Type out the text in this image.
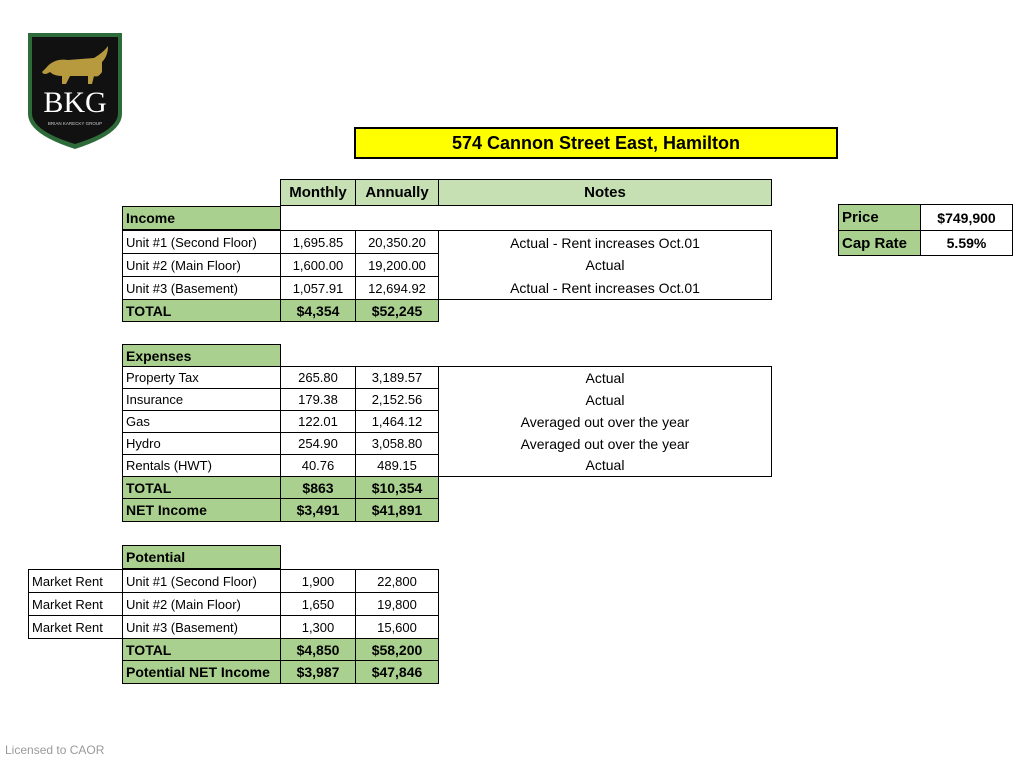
BKG
BRIAN KARECKY GROUP
574 Cannon Street East, Hamilton
Monthly	Annually	Notes
Income
Unit #1 (Second Floor)	1,695.85	20,350.20	Actual - Rent increases Oct.01
Unit #2 (Main Floor)	1,600.00	19,200.00	Actual
Unit #3 (Basement)	1,057.91	12,694.92	Actual - Rent increases Oct.01
TOTAL	$4,354	$52,245
Expenses
Property Tax	265.80	3,189.57	Actual
Insurance	179.38	2,152.56	Actual
Gas	122.01	1,464.12	Averaged out over the year
Hydro	254.90	3,058.80	Averaged out over the year
Rentals (HWT)	40.76	489.15	Actual
TOTAL	$863	$10,354
NET Income	$3,491	$41,891
Potential
Market Rent	Unit #1 (Second Floor)	1,900	22,800
Market Rent	Unit #2 (Main Floor)	1,650	19,800
Market Rent	Unit #3 (Basement)	1,300	15,600
TOTAL	$4,850	$58,200
Potential NET Income	$3,987	$47,846
Price	$749,900
Cap Rate	5.59%
Licensed to CAOR
